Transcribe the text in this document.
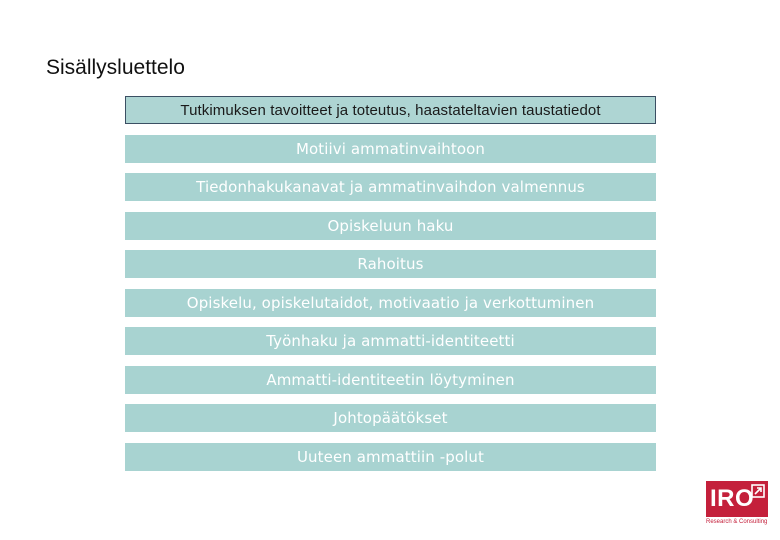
Sisällysluettelo
Tutkimuksen tavoitteet ja toteutus, haastateltavien taustatiedot
Motiivi ammatinvaihtoon
Tiedonhakukanavat ja ammatinvaihdon valmennus
Opiskeluun haku
Rahoitus
Opiskelu, opiskelutaidot, motivaatio ja verkottuminen
Työnhaku ja ammatti-identiteetti
Ammatti-identiteetin löytyminen
Johtopäätökset
Uuteen ammattiin -polut
IRO
Research & Consulting
